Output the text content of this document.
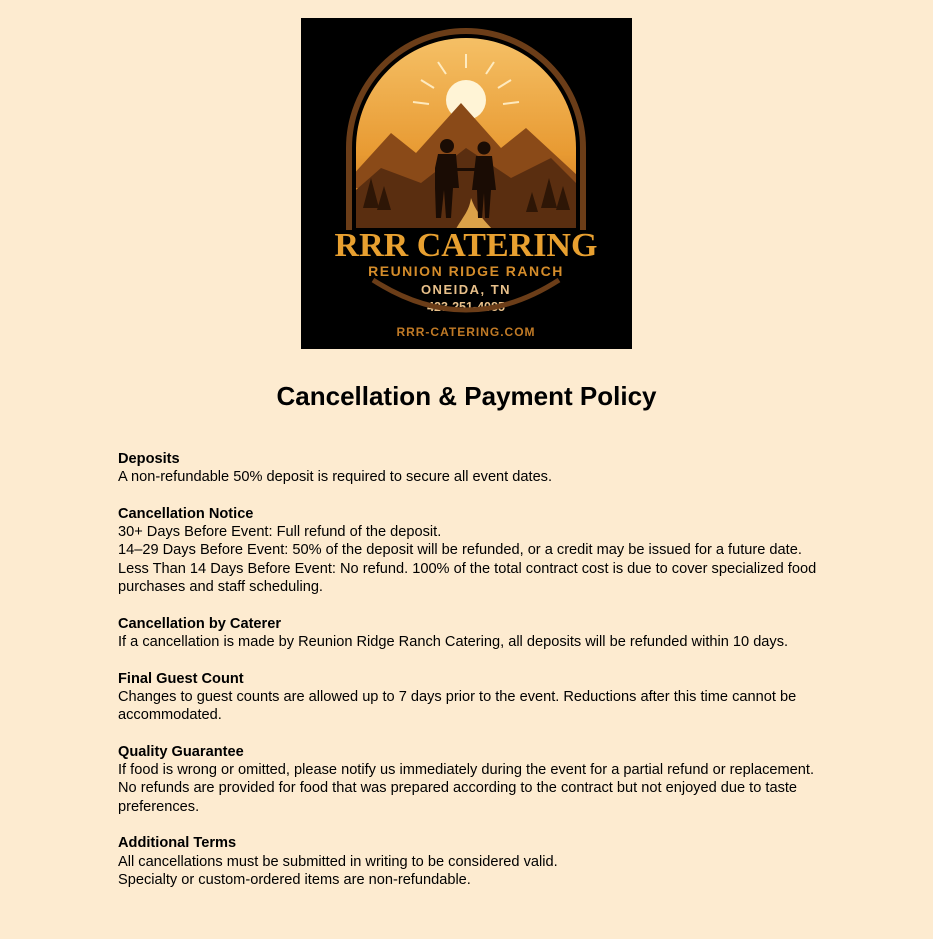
RRR CATERING
REUNION RIDGE RANCH
ONEIDA, TN
423-251-4085
RRR-CATERING.COM
Cancellation & Payment Policy
Deposits

A non-refundable 50% deposit is required to secure all event dates.

Cancellation Notice

30+ Days Before Event: Full refund of the deposit.

14–29 Days Before Event: 50% of the deposit will be refunded, or a credit may be issued for a future date.

Less Than 14 Days Before Event: No refund. 100% of the total contract cost is due to cover specialized food purchases and staff scheduling.

Cancellation by Caterer

If a cancellation is made by Reunion Ridge Ranch Catering, all deposits will be refunded within 10 days.

Final Guest Count

Changes to guest counts are allowed up to 7 days prior to the event. Reductions after this time cannot be accommodated.

Quality Guarantee

If food is wrong or omitted, please notify us immediately during the event for a partial refund or replacement. No refunds are provided for food that was prepared according to the contract but not enjoyed due to taste preferences.

Additional Terms

All cancellations must be submitted in writing to be considered valid.

Specialty or custom-ordered items are non-refundable.
